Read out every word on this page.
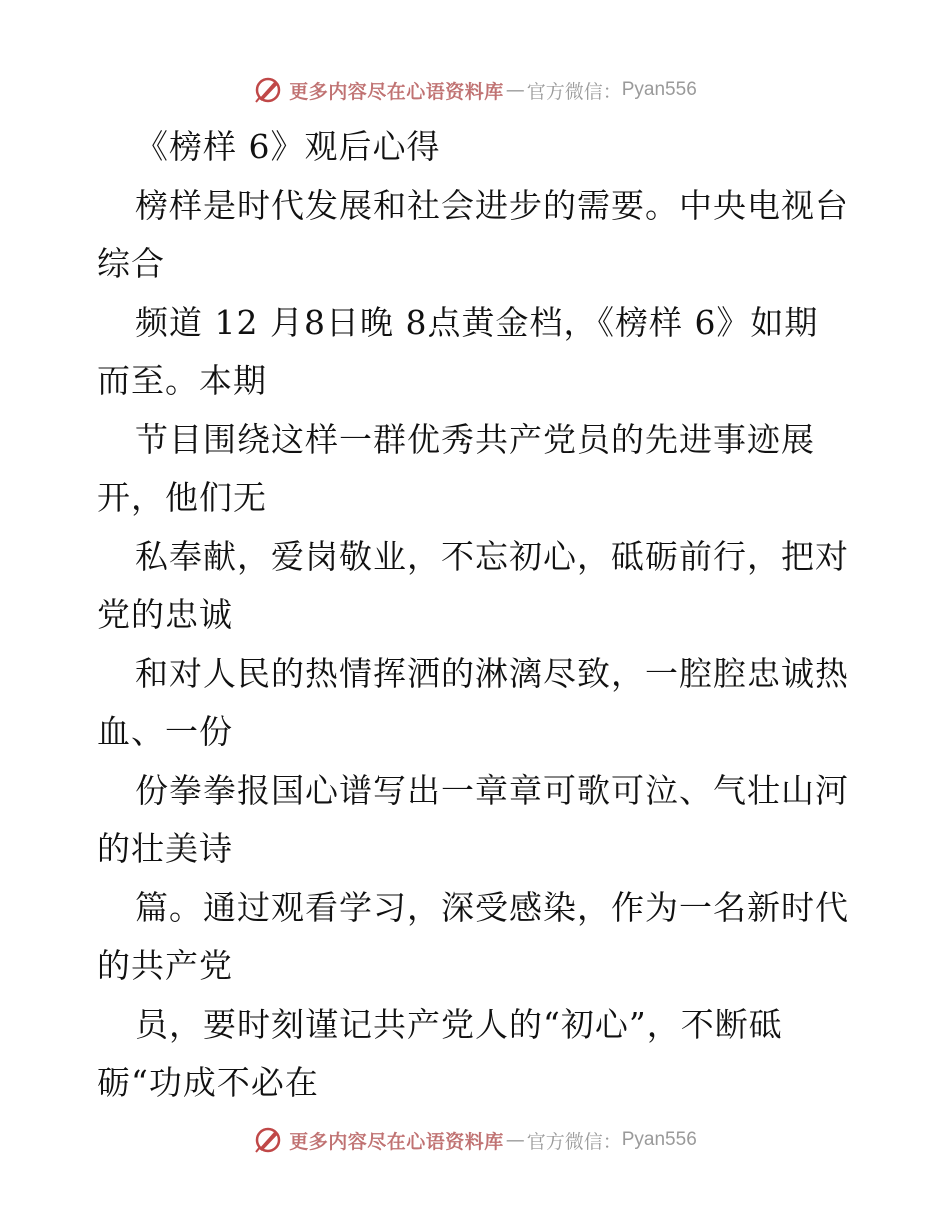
更多内容尽在心语资料库 — 官方微信： Pyan556
《榜样 6》观后心得
榜样是时代发展和社会进步的需要。中央电视台
综合
频道 12 月8日晚 8点黄金档，《榜样 6》如期
而至。本期
节目围绕这样一群优秀共产党员的先进事迹展
开，他们无
私奉献，爱岗敬业，不忘初心，砥砺前行，把对
党的忠诚
和对人民的热情挥洒的淋漓尽致，一腔腔忠诚热
血、一份
份拳拳报国心谱写出一章章可歌可泣、气壮山河
的壮美诗
篇。通过观看学习，深受感染，作为一名新时代
的共产党
员，要时刻谨记共产党人的“初心”，不断砥
砺“功成不必在
更多内容尽在心语资料库 — 官方微信： Pyan556
